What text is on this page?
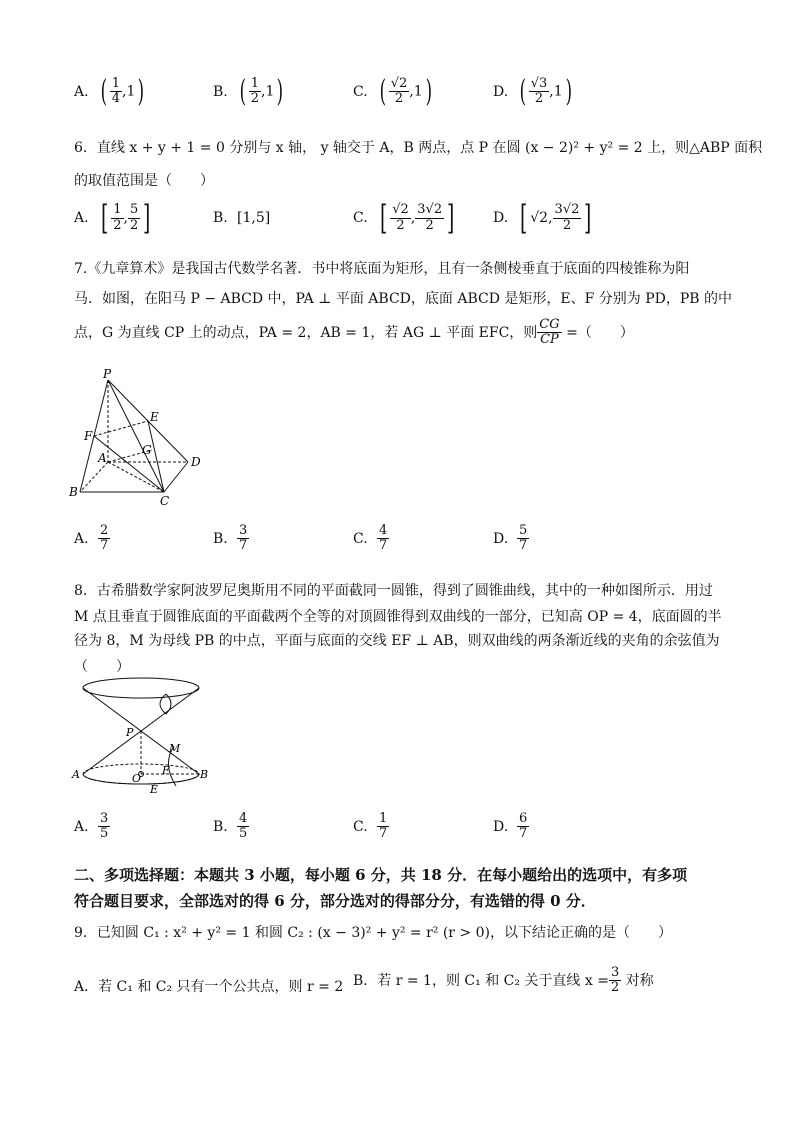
A. ( $\frac{1}{4} ,1$)	B. ( $\frac{1}{2} ,1$)	C. ( $\frac{√2}{2} ,1$)	D. ( $\frac{√3}{2} ,1$)
6．直线 x + y + 1 = 0 分别与 x 轴， y 轴交于 A，B 两点，点 P 在圆 (x − 2)² + y² = 2 上，则△ABP 面积
的取值范围是（　　）
A. [ $\frac{1}{2}$ , $\frac{5}{2}$ ]	B. [1,5]	C. [ $\frac{√2}{2}$ , $\frac{3√2}{2}$ ]	D. [ √2, $\frac{3√2}{2}$ ]
7.《九章算术》是我国古代数学名著．书中将底面为矩形，且有一条侧棱垂直于底面的四棱锥称为阳
马．如图，在阳马 P − ABCD 中，PA ⊥ 平面 ABCD，底面 ABCD 是矩形，E、F 分别为 PD，PB 的中
点，G 为直线 CP 上的动点，PA = 2，AB = 1，若 AG ⊥ 平面 EFC，则 $\frac{CG}{CP}$ =（　　）
P
E
F
G
A	D
B
C
A. $\frac{2}{7}$	B. $\frac{3}{7}$	C. $\frac{4}{7}$	D. $\frac{5}{7}$
8．古希腊数学家阿波罗尼奥斯用不同的平面截同一圆锥，得到了圆锥曲线，其中的一种如图所示．用过
M 点且垂直于圆锥底面的平面截两个全等的对顶圆锥得到双曲线的一部分，已知高 OP = 4，底面圆的半
径为 8，M 为母线 PB 的中点，平面与底面的交线 EF ⊥ AB，则双曲线的两条渐近线的夹角的余弦值为
（　　）
P
M
A	O
F	B
E
A. $\frac{3}{5}$	B. $\frac{4}{5}$	C. $\frac{1}{7}$	D. $\frac{6}{7}$
二、多项选择题：本题共 3 小题，每小题 6 分，共 18 分．在每小题给出的选项中，有多项
符合题目要求，全部选对的得 6 分，部分选对的得部分分，有选错的得 0 分．
9．已知圆 C₁ : x² + y² = 1 和圆 C₂ : (x − 3)² + y² = r² (r > 0)，以下结论正确的是（　　）
A．若 C₁ 和 C₂ 只有一个公共点，则 r = 2 B．若 r = 1，则 C₁ 和 C₂ 关于直线 $x = \frac{3}{2}$ 对称
